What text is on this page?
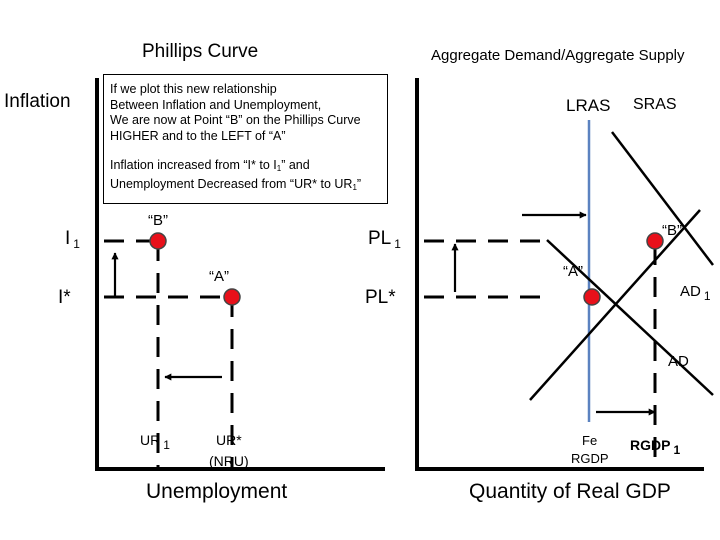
Phillips Curve	Aggregate Demand/Aggregate Supply
Inflation
I $_1$
I*
“B”
“A”
UR $_1$	UR*
(NRU)
Unemployment
If we plot this new relationship
Between Inflation and Unemployment,
We are now at Point “B” on the Phillips Curve
HIGHER and to the LEFT of “A”
Inflation increased from “I* to $I_1$” and
Unemployment Decreased from “UR* to $UR_1$”
LRAS SRAS
PL $_1$
PL*
“A”
“B”
AD $_1$
AD
Fe
RGDP
RGDP $_1$
Quantity of Real GDP
